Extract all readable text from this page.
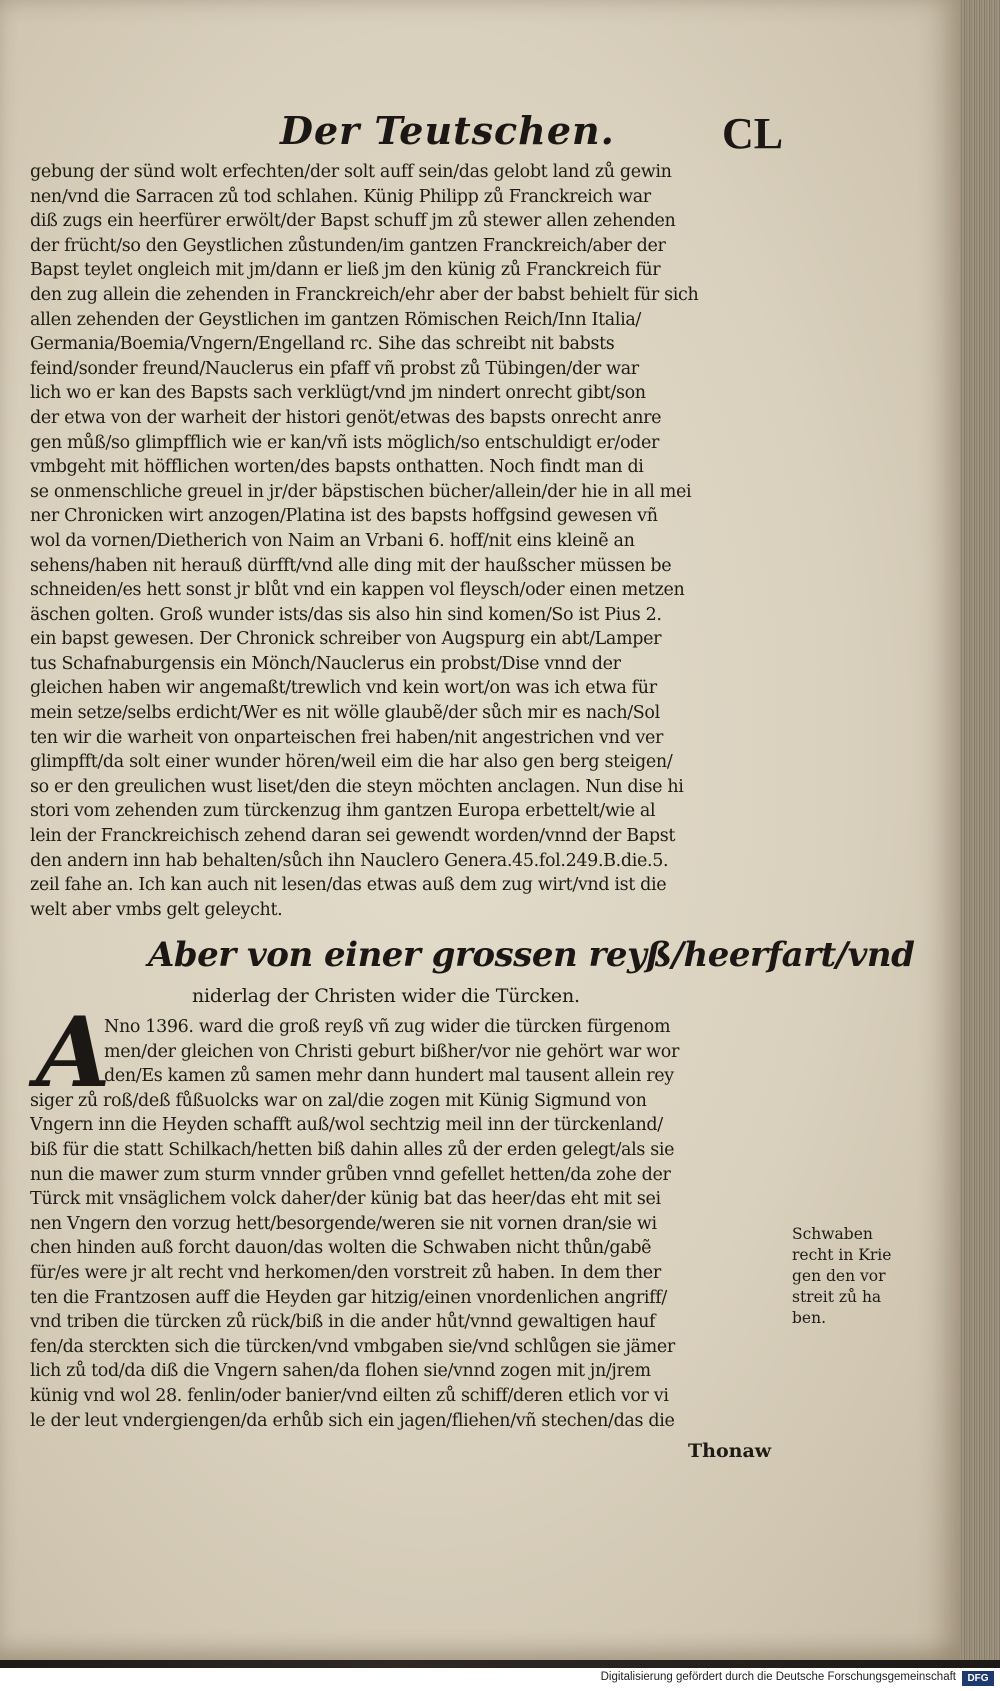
Der Teutschen.	CL
gebung der sünd wolt erfechten/der solt auff sein/das gelobt land zů gewin
nen/vnd die Sarracen zů tod schlahen. Künig Philipp zů Franckreich war
diß zugs ein heerfürer erwölt/der Bapst schuff jm zů stewer allen zehenden
der frücht/so den Geystlichen zůstunden/im gantzen Franckreich/aber der
Bapst teylet ongleich mit jm/dann er ließ jm den künig zů Franckreich für
den zug allein die zehenden in Franckreich/ehr aber der babst behielt für sich
allen zehenden der Geystlichen im gantzen Römischen Reich/Inn Italia/
Germania/Boemia/Vngern/Engelland rc. Sihe das schreibt nit babsts
feind/sonder freund/Nauclerus ein pfaff vñ probst zů Tübingen/der war
lich wo er kan des Bapsts sach verklügt/vnd jm nindert onrecht gibt/son
der etwa von der warheit der histori genöt/etwas des bapsts onrecht anre
gen můß/so glimpfflich wie er kan/vñ ists möglich/so entschuldigt er/oder
vmbgeht mit höfflichen worten/des bapsts onthatten. Noch findt man di
se onmenschliche greuel in jr/der bäpstischen bücher/allein/der hie in all mei
ner Chronicken wirt anzogen/Platina ist des bapsts hoffgsind gewesen vñ
wol da vornen/Dietherich von Naim an Vrbani 6. hoff/nit eins kleinẽ an
sehens/haben nit herauß dürfft/vnd alle ding mit der haußscher müssen be
schneiden/es hett sonst jr blůt vnd ein kappen vol fleysch/oder einen metzen
äschen golten. Groß wunder ists/das sis also hin sind komen/So ist Pius 2.
ein bapst gewesen. Der Chronick schreiber von Augspurg ein abt/Lamper
tus Schafnaburgensis ein Mönch/Nauclerus ein probst/Dise vnnd der
gleichen haben wir angemaßt/trewlich vnd kein wort/on was ich etwa für
mein setze/selbs erdicht/Wer es nit wölle glaubẽ/der sůch mir es nach/Sol
ten wir die warheit von onparteischen frei haben/nit angestrichen vnd ver
glimpfft/da solt einer wunder hören/weil eim die har also gen berg steigen/
so er den greulichen wust liset/den die steyn möchten anclagen. Nun dise hi
stori vom zehenden zum türckenzug ihm gantzen Europa erbettelt/wie al
lein der Franckreichisch zehend daran sei gewendt worden/vnnd der Bapst
den andern inn hab behalten/sůch ihn Nauclero Genera.45.fol.249.B.die.5.
zeil fahe an. Ich kan auch nit lesen/das etwas auß dem zug wirt/vnd ist die
welt aber vmbs gelt geleycht.
Aber von einer grossen reyß/heerfart/vnd
niderlag der Christen wider die Türcken.
A
Nno 1396. ward die groß reyß vñ zug wider die türcken fürgenom
men/der gleichen von Christi geburt bißher/vor nie gehört war wor
den/Es kamen zů samen mehr dann hundert mal tausent allein rey
siger zů roß/deß fůßuolcks war on zal/die zogen mit Künig Sigmund von
Vngern inn die Heyden schafft auß/wol sechtzig meil inn der türckenland/
biß für die statt Schilkach/hetten biß dahin alles zů der erden gelegt/als sie
nun die mawer zum sturm vnnder grůben vnnd gefellet hetten/da zohe der
Türck mit vnsäglichem volck daher/der künig bat das heer/das eht mit sei
nen Vngern den vorzug hett/besorgende/weren sie nit vornen dran/sie wi
chen hinden auß forcht dauon/das wolten die Schwaben nicht thůn/gabẽ
für/es were jr alt recht vnd herkomen/den vorstreit zů haben. In dem ther
ten die Frantzosen auff die Heyden gar hitzig/einen vnordenlichen angriff/
vnd triben die türcken zů rück/biß in die ander hůt/vnnd gewaltigen hauf
fen/da sterckten sich die türcken/vnd vmbgaben sie/vnd schlůgen sie jämer
lich zů tod/da diß die Vngern sahen/da flohen sie/vnnd zogen mit jn/jrem
künig vnd wol 28. fenlin/oder banier/vnd eilten zů schiff/deren etlich vor vi
le der leut vndergiengen/da erhůb sich ein jagen/fliehen/vñ stechen/das die
Schwaben
recht in Krie
gen den vor
streit zů ha
ben.
Thonaw
Digitalisierung gefördert durch die Deutsche Forschungsgemeinschaft	DFG
